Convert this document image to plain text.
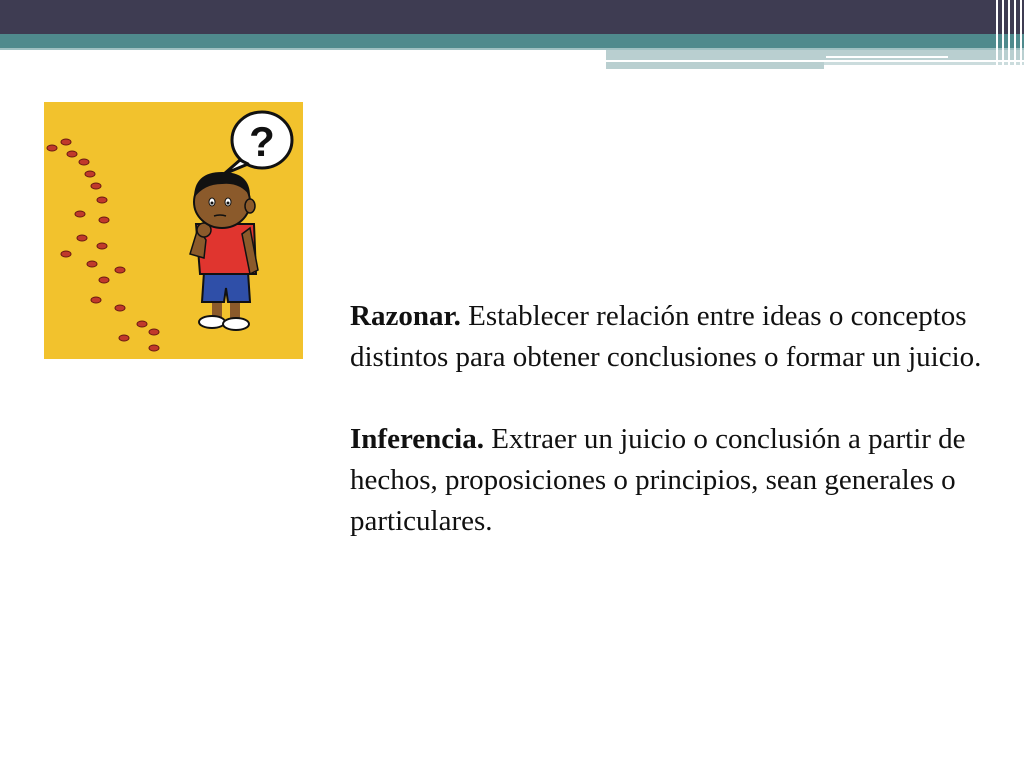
?

Razonar. Establecer relación entre ideas o conceptos distintos para obtener conclusiones o formar un juicio.

Inferencia. Extraer un juicio o conclusión a partir de hechos, proposiciones o principios, sean generales o particulares.
